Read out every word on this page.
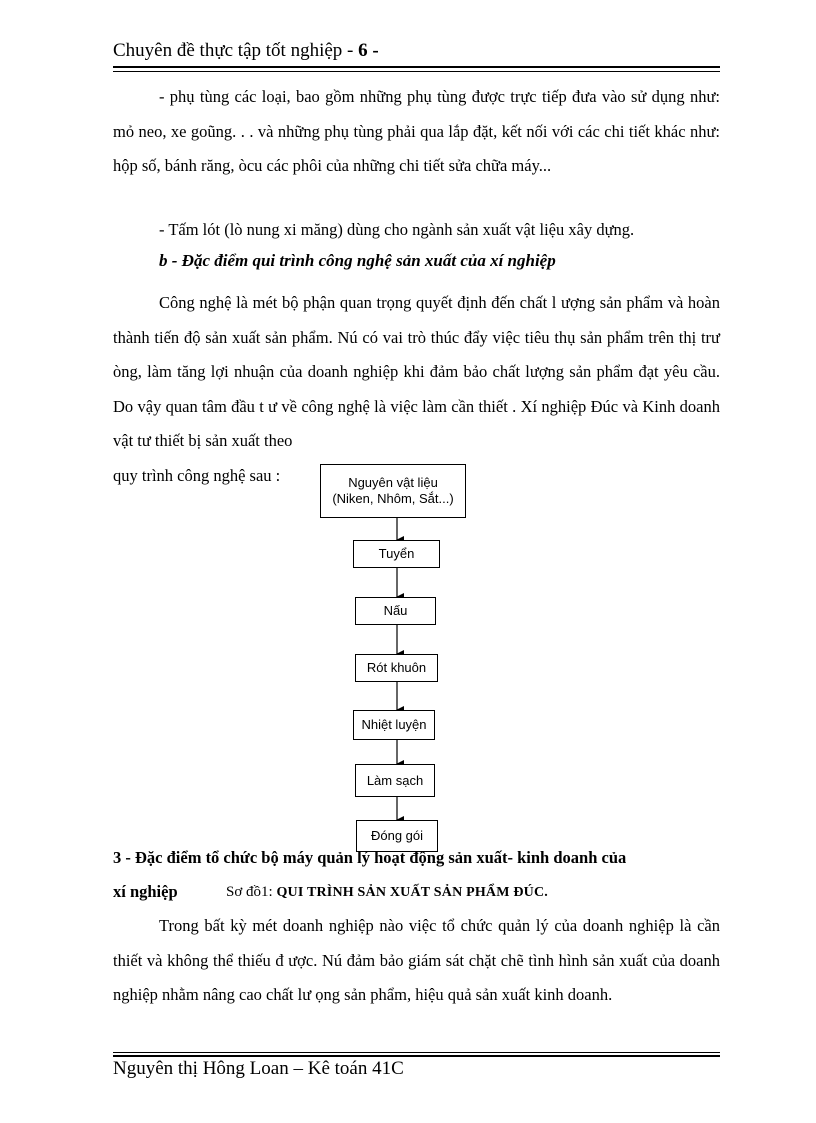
Chuyên đề thực tập tốt nghiệp - 6 -
- phụ tùng các loại, bao gồm những phụ tùng được trực tiếp đưa vào sử dụng như: mỏ neo, xe goũng. . . và những phụ tùng phải qua lắp đặt, kết nối với các chi tiết khác như: hộp số, bánh răng, òcu các phôi của những chi tiết sửa chữa máy...
- Tấm lót (lò nung xi măng) dùng cho ngành sản xuất vật liệu xây dựng.
b - Đặc điểm qui trình công nghệ sản xuất của xí nghiệp
Công nghệ là mét bộ phận quan trọng quyết định đến chất l ượng sản phẩm và hoàn thành tiến độ sản xuất sản phẩm. Nú có vai trò thúc đẩy việc tiêu thụ sản phẩm trên thị trư òng, làm tăng lợi nhuận của doanh nghiệp khi đảm bảo chất lượng sản phẩm đạt yêu cầu. Do vậy quan tâm đầu t ư về công nghệ là việc làm cần thiết . Xí nghiệp Đúc và Kinh doanh vật tư thiết bị sản xuất theo
quy trình công nghệ sau :	Nguyên vật liệu
(Niken, Nhôm, Sắt...)
Tuyển
Nấu
Rót khuôn
Nhiệt luyện
Làm sạch
Đóng gói
3 - Đặc điểm tổ chức bộ máy quản lý hoạt động sản xuất- kinh doanh của
xí nghiệp	Sơ đồ1: QUI TRÌNH SẢN XUẤT SẢN PHẨM ĐÚC.
Trong bất kỳ mét doanh nghiệp nào việc tổ chức quản lý của doanh nghiệp là cần thiết và không thể thiếu đ ược. Nú đảm bảo giám sát chặt chẽ tình hình sản xuất của doanh nghiệp nhằm nâng cao chất lư ọng sản phẩm, hiệu quả sản xuất kinh doanh.
Nguyên thị Hông Loan – Kê toán 41C
